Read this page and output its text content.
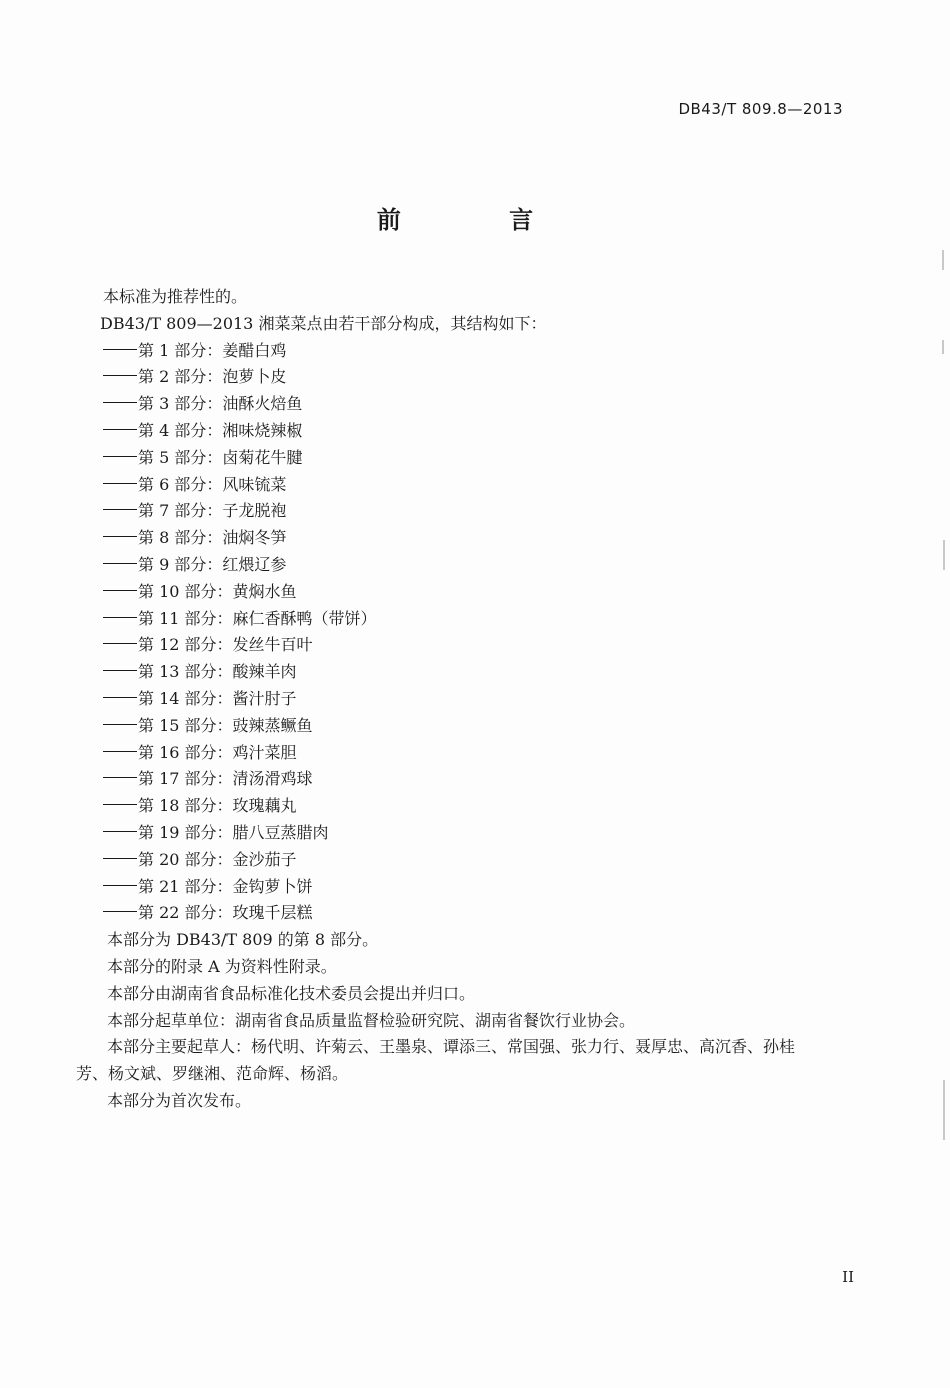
DB43/T 809.8—2013
前 言
本标准为推荐性的。
DB43/T 809—2013 湘菜菜点由若干部分构成，其结构如下：
第 1 部分：姜醋白鸡
第 2 部分：泡萝卜皮
第 3 部分：油酥火焙鱼
第 4 部分：湘味烧辣椒
第 5 部分：卤菊花牛腱
第 6 部分：风味锍菜
第 7 部分：子龙脱袍
第 8 部分：油焖冬笋
第 9 部分：红煨辽参
第 10 部分：黄焖水鱼
第 11 部分：麻仁香酥鸭（带饼）
第 12 部分：发丝牛百叶
第 13 部分：酸辣羊肉
第 14 部分：酱汁肘子
第 15 部分：豉辣蒸鳜鱼
第 16 部分：鸡汁菜胆
第 17 部分：清汤滑鸡球
第 18 部分：玫瑰藕丸
第 19 部分：腊八豆蒸腊肉
第 20 部分：金沙茄子
第 21 部分：金钩萝卜饼
第 22 部分：玫瑰千层糕
本部分为 DB43/T 809 的第 8 部分。
本部分的附录 A 为资料性附录。
本部分由湖南省食品标准化技术委员会提出并归口。
本部分起草单位：湖南省食品质量监督检验研究院、湖南省餐饮行业协会。
本部分主要起草人：杨代明、许菊云、王墨泉、谭添三、常国强、张力行、聂厚忠、高沉香、孙桂
芳、杨文斌、罗继湘、范命辉、杨滔。
本部分为首次发布。
II
